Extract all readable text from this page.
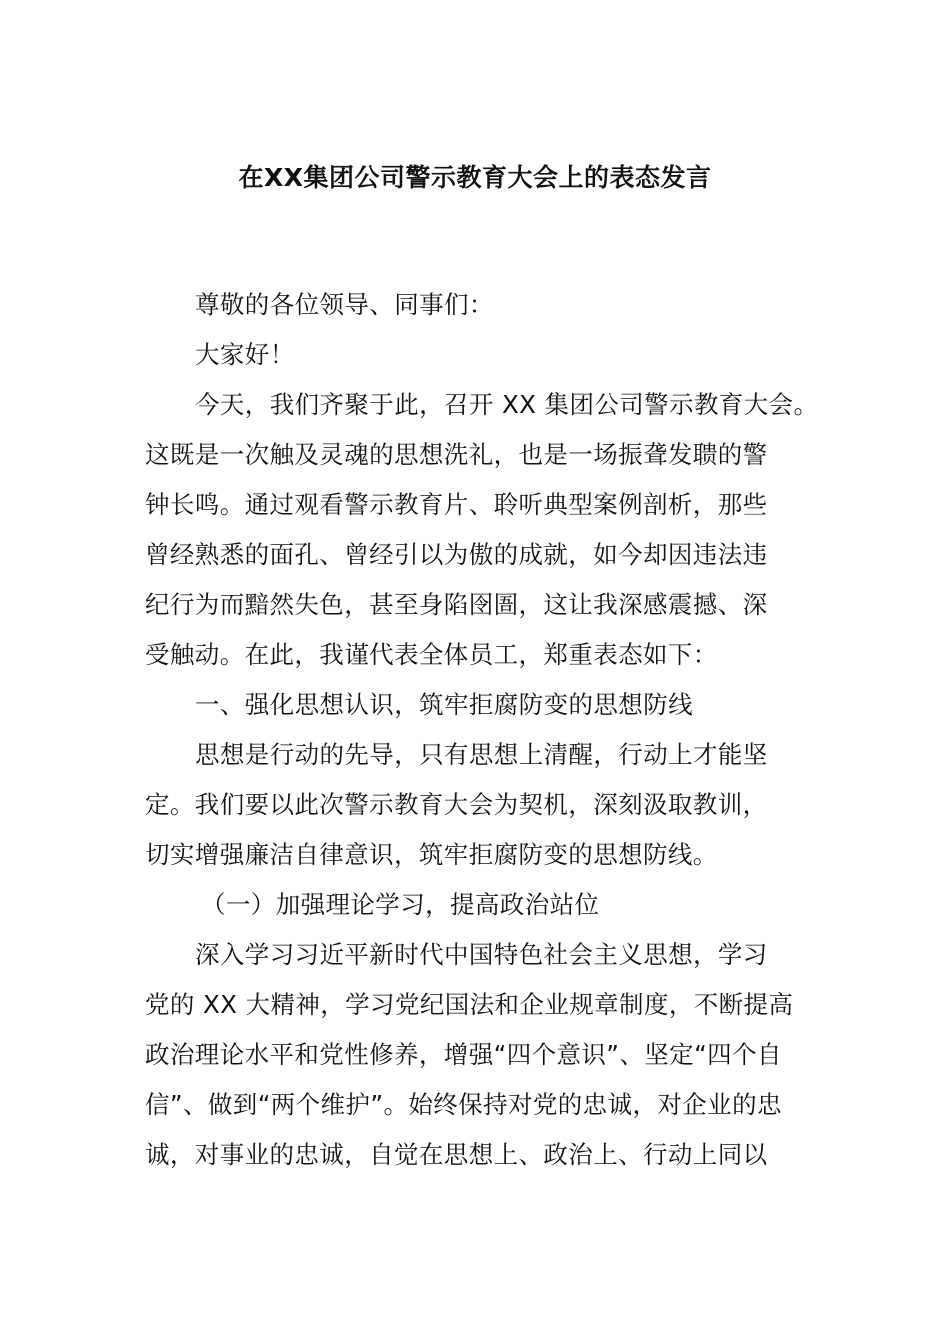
在XX集团公司警示教育大会上的表态发言
尊敬的各位领导、同事们：
大家好！
今天，我们齐聚于此，召开 XX 集团公司警示教育大会。
这既是一次触及灵魂的思想洗礼，也是一场振聋发聩的警
钟长鸣。通过观看警示教育片、聆听典型案例剖析，那些
曾经熟悉的面孔、曾经引以为傲的成就，如今却因违法违
纪行为而黯然失色，甚至身陷囹圄，这让我深感震撼、深
受触动。在此，我谨代表全体员工，郑重表态如下：
一、强化思想认识，筑牢拒腐防变的思想防线
思想是行动的先导，只有思想上清醒，行动上才能坚
定。我们要以此次警示教育大会为契机，深刻汲取教训，
切实增强廉洁自律意识，筑牢拒腐防变的思想防线。
（一）加强理论学习，提高政治站位
深入学习习近平新时代中国特色社会主义思想，学习
党的 XX 大精神，学习党纪国法和企业规章制度，不断提高
政治理论水平和党性修养，增强“四个意识”、坚定“四个自
信”、做到“两个维护”。始终保持对党的忠诚，对企业的忠
诚，对事业的忠诚，自觉在思想上、政治上、行动上同以
